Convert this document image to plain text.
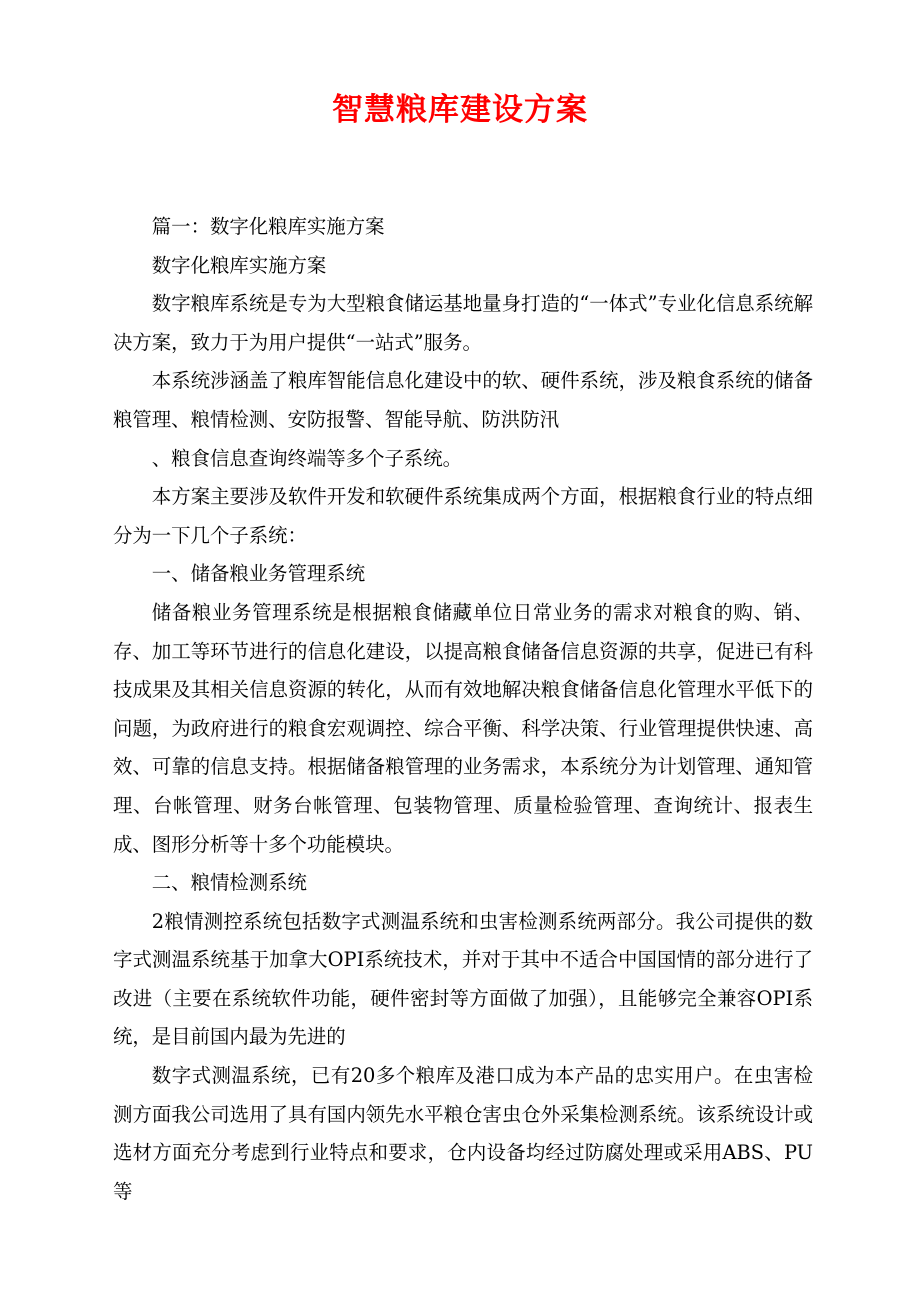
智慧粮库建设方案

篇一：数字化粮库实施方案

数字化粮库实施方案

数字粮库系统是专为大型粮食储运基地量身打造的“一体式”专业化信息系统解决方案，致力于为用户提供“一站式”服务。

本系统涉涵盖了粮库智能信息化建设中的软、硬件系统，涉及粮食系统的储备粮管理、粮情检测、安防报警、智能导航、防洪防汛

、粮食信息查询终端等多个子系统。

本方案主要涉及软件开发和软硬件系统集成两个方面，根据粮食行业的特点细分为一下几个子系统：

一、储备粮业务管理系统

储备粮业务管理系统是根据粮食储藏单位日常业务的需求对粮食的购、销、存、加工等环节进行的信息化建设，以提高粮食储备信息资源的共享，促进已有科技成果及其相关信息资源的转化，从而有效地解决粮食储备信息化管理水平低下的问题，为政府进行的粮食宏观调控、综合平衡、科学决策、行业管理提供快速、高效、可靠的信息支持。根据储备粮管理的业务需求，本系统分为计划管理、通知管理、台帐管理、财务台帐管理、包装物管理、质量检验管理、查询统计、报表生成、图形分析等十多个功能模块。

二、粮情检测系统

2粮情测控系统包括数字式测温系统和虫害检测系统两部分。我公司提供的数字式测温系统基于加拿大OPI系统技术，并对于其中不适合中国国情的部分进行了改进（主要在系统软件功能，硬件密封等方面做了加强），且能够完全兼容OPI系统，是目前国内最为先进的

数字式测温系统，已有20多个粮库及港口成为本产品的忠实用户。在虫害检测方面我公司选用了具有国内领先水平粮仓害虫仓外采集检测系统。该系统设计或选材方面充分考虑到行业特点和要求，仓内设备均经过防腐处理或采用ABS、PU等
